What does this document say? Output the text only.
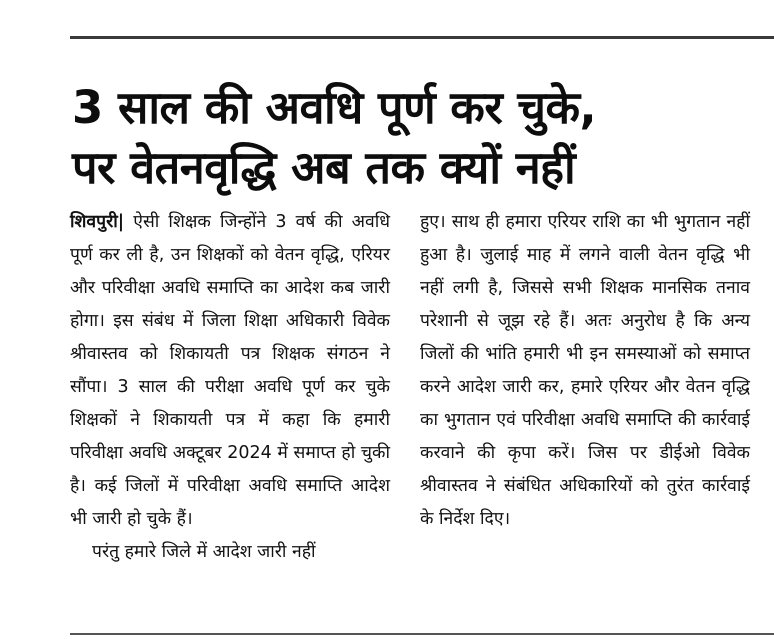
3 साल की अवधि पूर्ण कर चुके,
पर वेतनवृद्धि अब तक क्यों नहीं

शिवपुरी| ऐसी शिक्षक जिन्होंने 3 वर्ष की अवधि पूर्ण कर ली है, उन शिक्षकों को वेतन वृद्धि, एरियर और परिवीक्षा अवधि समाप्ति का आदेश कब जारी होगा। इस संबंध में जिला शिक्षा अधिकारी विवेक श्रीवास्तव को शिकायती पत्र शिक्षक संगठन ने सौंपा। 3 साल की परीक्षा अवधि पूर्ण कर चुके शिक्षकों ने शिकायती पत्र में कहा कि हमारी परिवीक्षा अवधि अक्टूबर 2024 में समाप्त हो चुकी है। कई जिलों में परिवीक्षा अवधि समाप्ति आदेश भी जारी हो चुके हैं।

परंतु हमारे जिले में आदेश जारी नहीं

हुए। साथ ही हमारा एरियर राशि का भी भुगतान नहीं हुआ है। जुलाई माह में लगने वाली वेतन वृद्धि भी नहीं लगी है, जिससे सभी शिक्षक मानसिक तनाव परेशानी से जूझ रहे हैं। अतः अनुरोध है कि अन्य जिलों की भांति हमारी भी इन समस्याओं को समाप्त करने आदेश जारी कर, हमारे एरियर और वेतन वृद्धि का भुगतान एवं परिवीक्षा अवधि समाप्ति की कार्रवाई करवाने की कृपा करें। जिस पर डीईओ विवेक श्रीवास्तव ने संबंधित अधिकारियों को तुरंत कार्रवाई के निर्देश दिए।
